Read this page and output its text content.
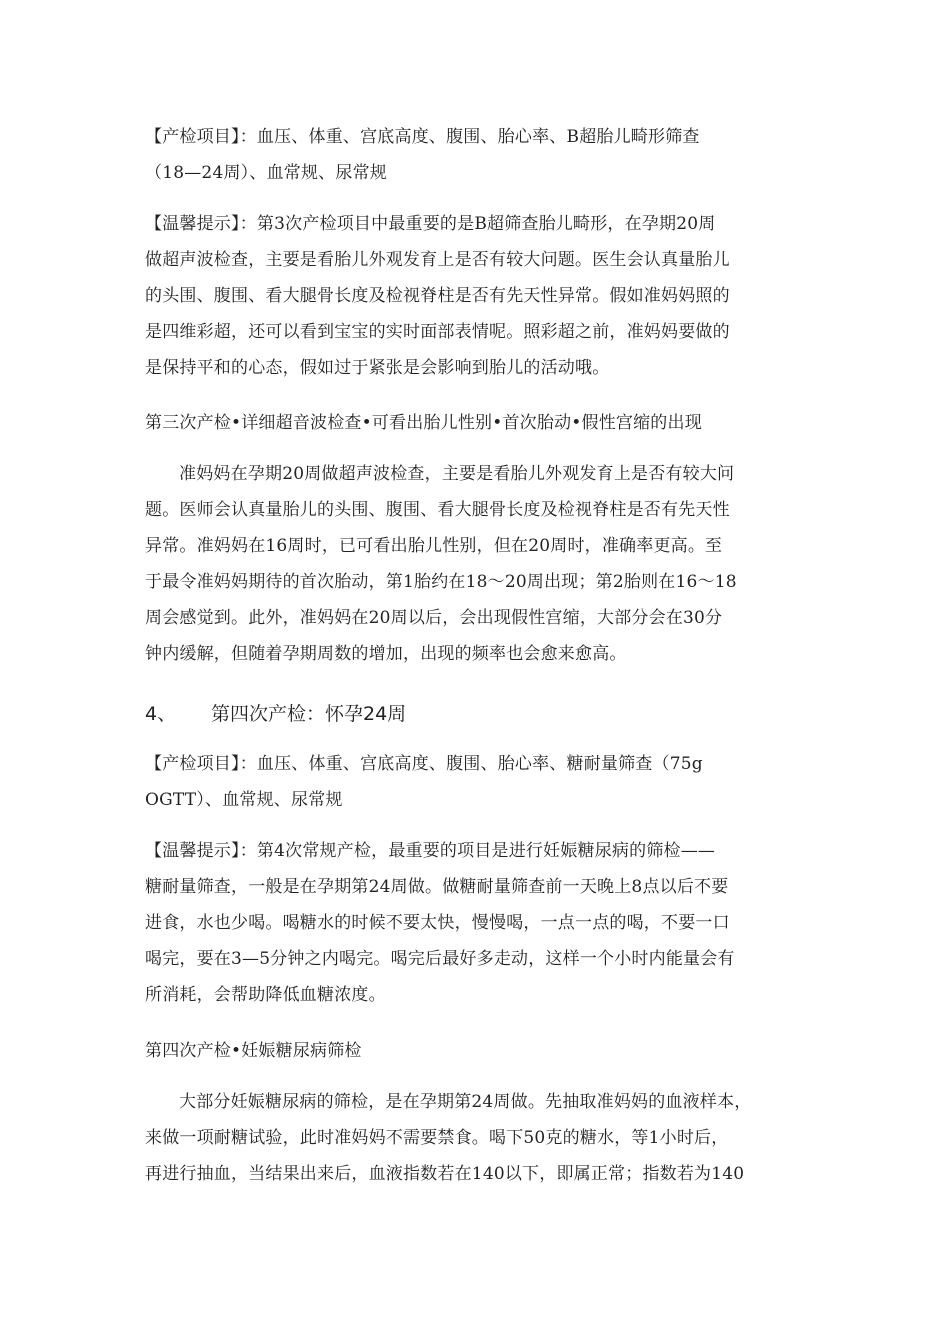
【产检项目】：血压、体重、宫底高度、腹围、胎心率、B超胎儿畸形筛查
（18—24周）、血常规、尿常规

【温馨提示】：第3次产检项目中最重要的是B超筛查胎儿畸形，在孕期20周
做超声波检查，主要是看胎儿外观发育上是否有较大问题。医生会认真量胎儿
的头围、腹围、看大腿骨长度及检视脊柱是否有先天性异常。假如准妈妈照的
是四维彩超，还可以看到宝宝的实时面部表情呢。照彩超之前，准妈妈要做的
是保持平和的心态，假如过于紧张是会影响到胎儿的活动哦。

第三次产检•详细超音波检查•可看出胎儿性别•首次胎动•假性宫缩的出现

准妈妈在孕期20周做超声波检查，主要是看胎儿外观发育上是否有较大问
题。医师会认真量胎儿的头围、腹围、看大腿骨长度及检视脊柱是否有先天性
异常。准妈妈在16周时，已可看出胎儿性别，但在20周时，准确率更高。至
于最令准妈妈期待的首次胎动，第1胎约在18～20周出现；第2胎则在16～18
周会感觉到。此外，准妈妈在20周以后，会出现假性宫缩，大部分会在30分
钟内缓解，但随着孕期周数的增加，出现的频率也会愈来愈高。

4、 第四次产检：怀孕24周

【产检项目】：血压、体重、宫底高度、腹围、胎心率、糖耐量筛查（75g
OGTT）、血常规、尿常规

【温馨提示】：第4次常规产检，最重要的项目是进行妊娠糖尿病的筛检——
糖耐量筛查，一般是在孕期第24周做。做糖耐量筛查前一天晚上8点以后不要
进食，水也少喝。喝糖水的时候不要太快，慢慢喝，一点一点的喝，不要一口
喝完，要在3—5分钟之内喝完。喝完后最好多走动，这样一个小时内能量会有
所消耗，会帮助降低血糖浓度。

第四次产检•妊娠糖尿病筛检

大部分妊娠糖尿病的筛检，是在孕期第24周做。先抽取准妈妈的血液样本，
来做一项耐糖试验，此时准妈妈不需要禁食。喝下50克的糖水，等1小时后，
再进行抽血，当结果出来后，血液指数若在140以下，即属正常；指数若为140
